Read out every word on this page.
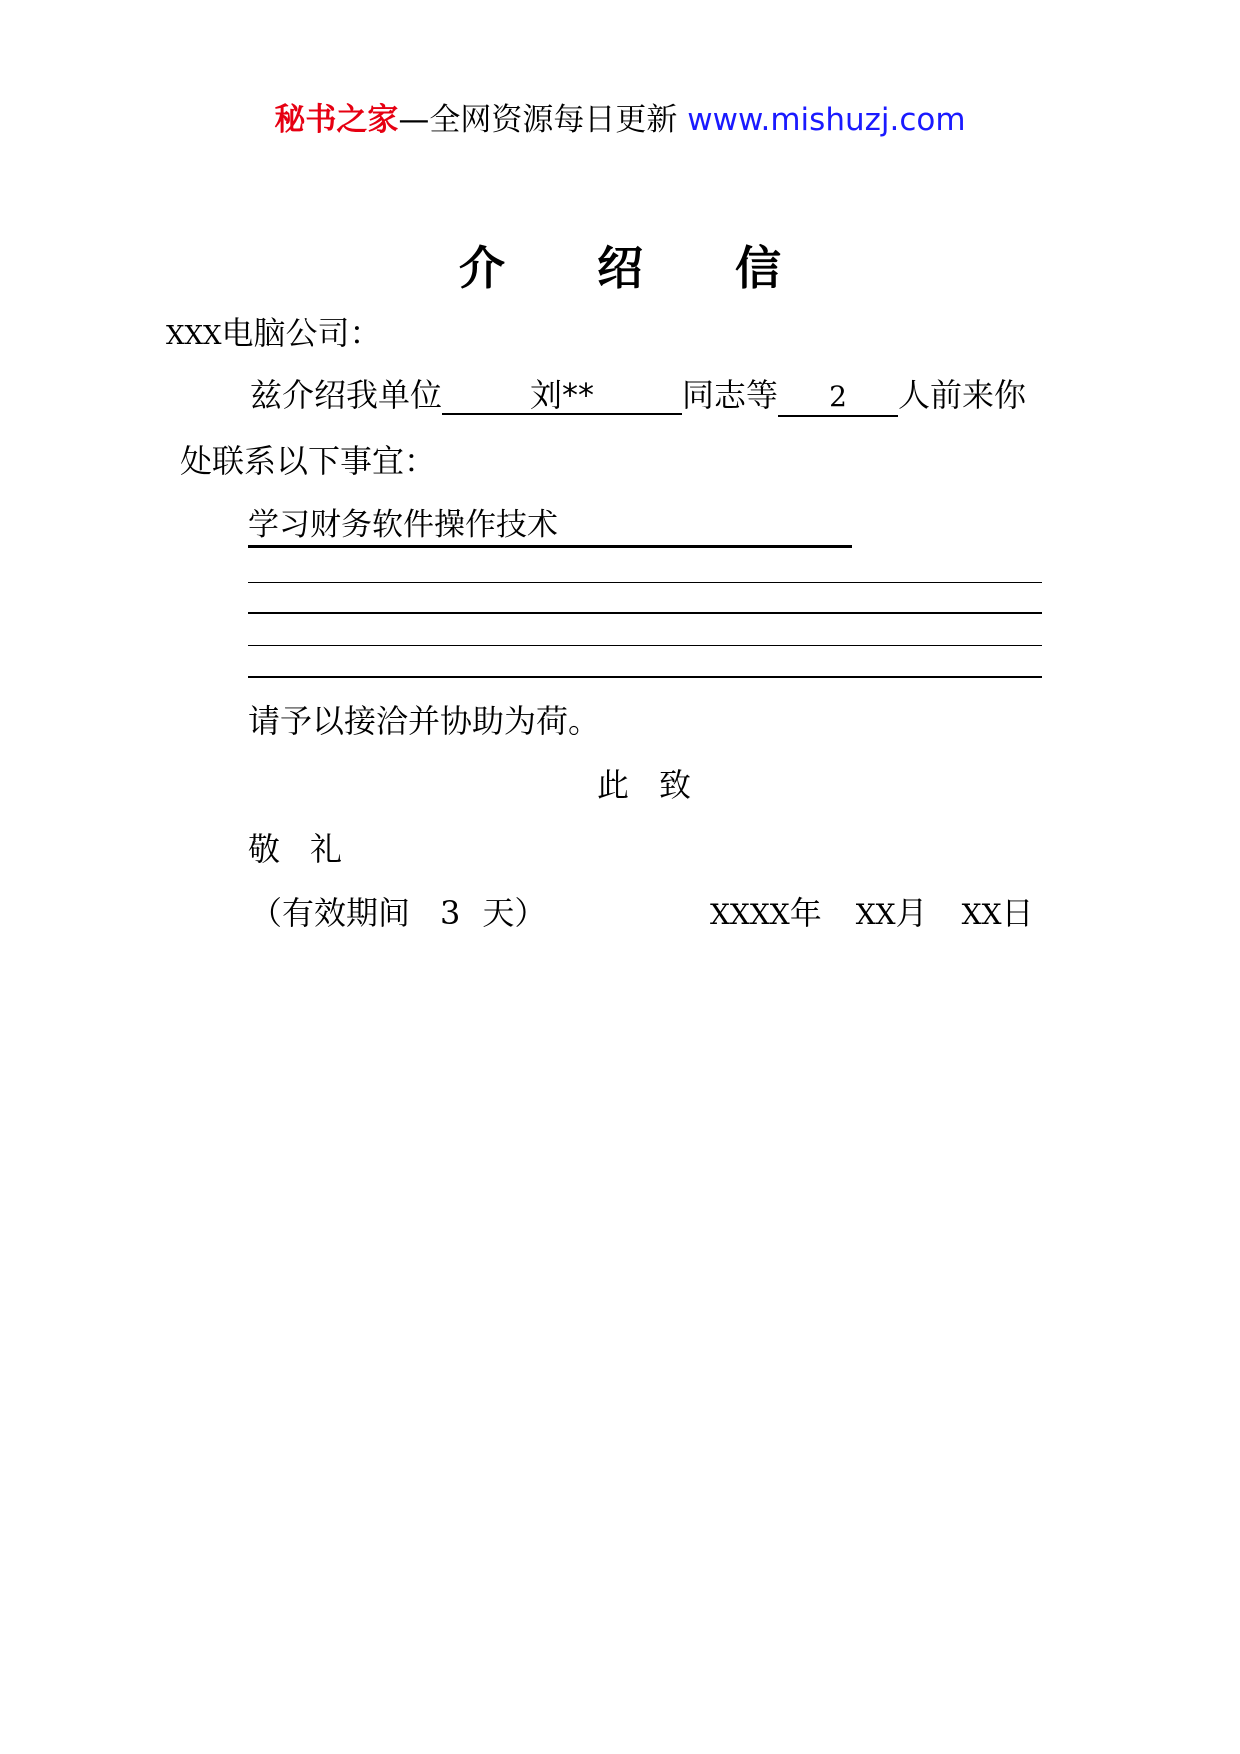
秘书之家—全网资源每日更新 www.mishuzj.com
介 绍 信
XXX电脑公司：
兹介绍我单位	刘**	同志等 2 人前来你
处联系以下事宜：
学习财务软件操作技术
请予以接洽并协助为荷。
此 致
敬 礼
（有效期间 3 天）	XXXX年 XX月 XX日
